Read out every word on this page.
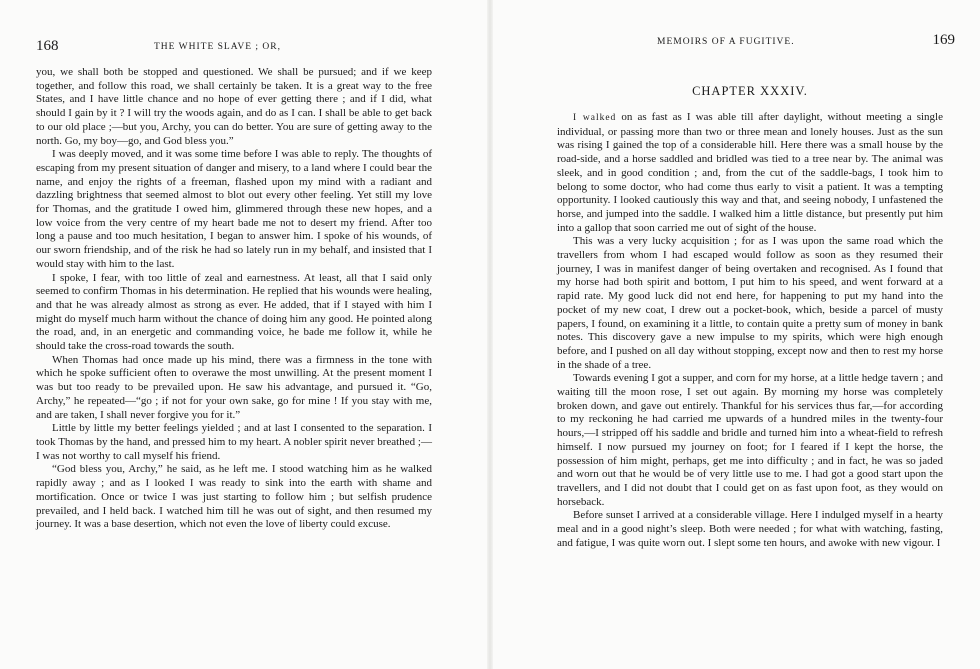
168	THE WHITE SLAVE ; OR,

you, we shall both be stopped and questioned. We shall be pursued; and if we keep together, and follow this road, we shall certainly be taken. It is a great way to the free States, and I have little chance and no hope of ever getting there ; and if I did, what should I gain by it ? I will try the woods again, and do as I can. I shall be able to get back to our old place ;—but you, Archy, you can do better. You are sure of getting away to the north. Go, my boy—go, and God bless you.”

I was deeply moved, and it was some time before I was able to reply. The thoughts of escaping from my present situation of danger and misery, to a land where I could bear the name, and enjoy the rights of a freeman, flashed upon my mind with a radiant and dazzling brightness that seemed almost to blot out every other feeling. Yet still my love for Thomas, and the gratitude I owed him, glimmered through these new hopes, and a low voice from the very centre of my heart bade me not to desert my friend. After too long a pause and too much hesitation, I began to answer him. I spoke of his wounds, of our sworn friendship, and of the risk he had so lately run in my behalf, and insisted that I would stay with him to the last.

I spoke, I fear, with too little of zeal and earnestness. At least, all that I said only seemed to confirm Thomas in his determination. He replied that his wounds were healing, and that he was already almost as strong as ever. He added, that if I stayed with him I might do myself much harm without the chance of doing him any good. He pointed along the road, and, in an energetic and commanding voice, he bade me follow it, while he should take the cross-road towards the south.

When Thomas had once made up his mind, there was a firmness in the tone with which he spoke sufficient often to overawe the most unwilling. At the present moment I was but too ready to be prevailed upon. He saw his advantage, and pursued it. “Go, Archy,” he repeated—“go ; if not for your own sake, go for mine ! If you stay with me, and are taken, I shall never forgive you for it.”

Little by little my better feelings yielded ; and at last I consented to the separation. I took Thomas by the hand, and pressed him to my heart. A nobler spirit never breathed ;—I was not worthy to call myself his friend.

“God bless you, Archy,” he said, as he left me. I stood watching him as he walked rapidly away ; and as I looked I was ready to sink into the earth with shame and mortification. Once or twice I was just starting to follow him ; but selfish prudence prevailed, and I held back. I watched him till he was out of sight, and then resumed my journey. It was a base desertion, which not even the love of liberty could excuse.

MEMOIRS OF A FUGITIVE.	169
CHAPTER XXXIV.

I walked on as fast as I was able till after daylight, without meeting a single individual, or passing more than two or three mean and lonely houses. Just as the sun was rising I gained the top of a considerable hill. Here there was a small house by the road-side, and a horse saddled and bridled was tied to a tree near by. The animal was sleek, and in good condition ; and, from the cut of the saddle-bags, I took him to belong to some doctor, who had come thus early to visit a patient. It was a tempting opportunity. I looked cautiously this way and that, and seeing nobody, I unfastened the horse, and jumped into the saddle. I walked him a little distance, but presently put him into a gallop that soon carried me out of sight of the house.

This was a very lucky acquisition ; for as I was upon the same road which the travellers from whom I had escaped would follow as soon as they resumed their journey, I was in manifest danger of being overtaken and recognised. As I found that my horse had both spirit and bottom, I put him to his speed, and went forward at a rapid rate. My good luck did not end here, for happening to put my hand into the pocket of my new coat, I drew out a pocket-book, which, beside a parcel of musty papers, I found, on examining it a little, to contain quite a pretty sum of money in bank notes. This discovery gave a new impulse to my spirits, which were high enough before, and I pushed on all day without stopping, except now and then to rest my horse in the shade of a tree.

Towards evening I got a supper, and corn for my horse, at a little hedge tavern ; and waiting till the moon rose, I set out again. By morning my horse was completely broken down, and gave out entirely. Thankful for his services thus far,—for according to my reckoning he had carried me upwards of a hundred miles in the twenty-four hours,—I stripped off his saddle and bridle and turned him into a wheat-field to refresh himself. I now pursued my journey on foot; for I feared if I kept the horse, the possession of him might, perhaps, get me into difficulty ; and in fact, he was so jaded and worn out that he would be of very little use to me. I had got a good start upon the travellers, and I did not doubt that I could get on as fast upon foot, as they would on horseback.

Before sunset I arrived at a considerable village. Here I indulged myself in a hearty meal and in a good night’s sleep. Both were needed ; for what with watching, fasting, and fatigue, I was quite worn out. I slept some ten hours, and awoke with new vigour. I
